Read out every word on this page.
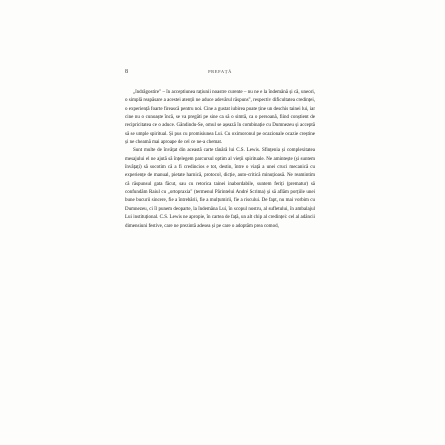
8	PREFAȚĂ

„îndrăgostire" – în acceptiunea rațiunii noastre curente – nu ne e la îndemână și că, uneori, o simplă reapăsare a acestei atenții ne aduce adevărul răspuns", respectiv dificultatea credinței, o experiență foarte firească pentru noi. Cine a gustat iubirea poate ține un deschis tainei lui, iar cine nu o cunoaște încă, se va pregăti pe sine ca să o simtă, ca o persoană, fiind conștient de recipricitatea ce o aduce. Găndindu-Se, omul se așează în combinație cu Dumnezeu și acceptă să se umple spiritual. Și pus cu promisiunea Lui. Cu oximoronul pe ocazionale ocazie creștine și ne cheamă mai aproape de cel ce ne-a chemat.

Sunt multe de învățat din această carte tânără lui C.S. Lewis. Sfințenia și complexitatea mesajului el ne ajută să înțelegem parcursul optim al vieții spirituale. Ne amintește (și suntem învățați) să socotim că a fi credincios e tot, destin, între o viață a unei cruci mecanică cu experiențe de manual, pietate harnică, protocol, dicție, auto-critică minuțioasă. Ne reamintim că răspunsul gata făcut, sau cu retorica tainei inabordabile, suntem feriți (prematur) să confundăm Raiul cu „ortopraxia" (termenul Părintelui André Scrima) și să aflăm porțiile unei bune bucurii sincere, fie a întrebării, fie a mulțumirii, fie a riscului. De fapt, nu mai vorbim cu Dumnezeu, ci îl punem deoparte, la îndemâna Lui, în scopul nostru, al sufletului, în ambalajul Lui instituțional. C.S. Lewis ne apropie, în cartea de față, un alt chip al credinței: cel al adâncii dimensiuni festive, care ne prezintă adesea și pe care o adoptăm prea comod,
